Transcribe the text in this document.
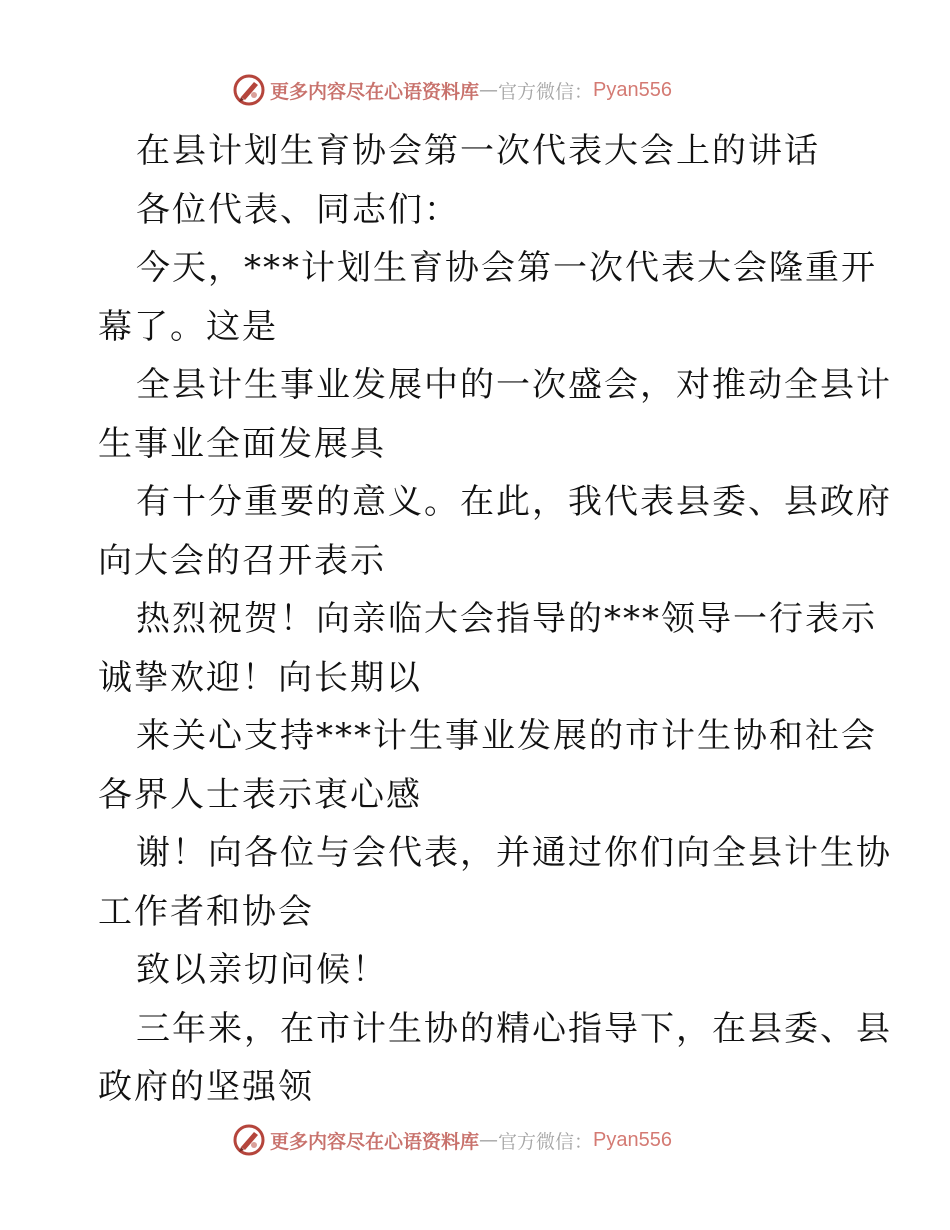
更多内容尽在心语资料库 — 官方微信： Pyan556
在县计划生育协会第一次代表大会上的讲话
各位代表、同志们：
今天，***计划生育协会第一次代表大会隆重开
幕了。这是
全县计生事业发展中的一次盛会，对推动全县计
生事业全面发展具
有十分重要的意义。在此，我代表县委、县政府
向大会的召开表示
热烈祝贺！向亲临大会指导的***领导一行表示
诚挚欢迎！向长期以
来关心支持***计生事业发展的市计生协和社会
各界人士表示衷心感
谢！向各位与会代表，并通过你们向全县计生协
工作者和协会
致以亲切问候！
三年来，在市计生协的精心指导下，在县委、县
政府的坚强领
更多内容尽在心语资料库 — 官方微信： Pyan556
